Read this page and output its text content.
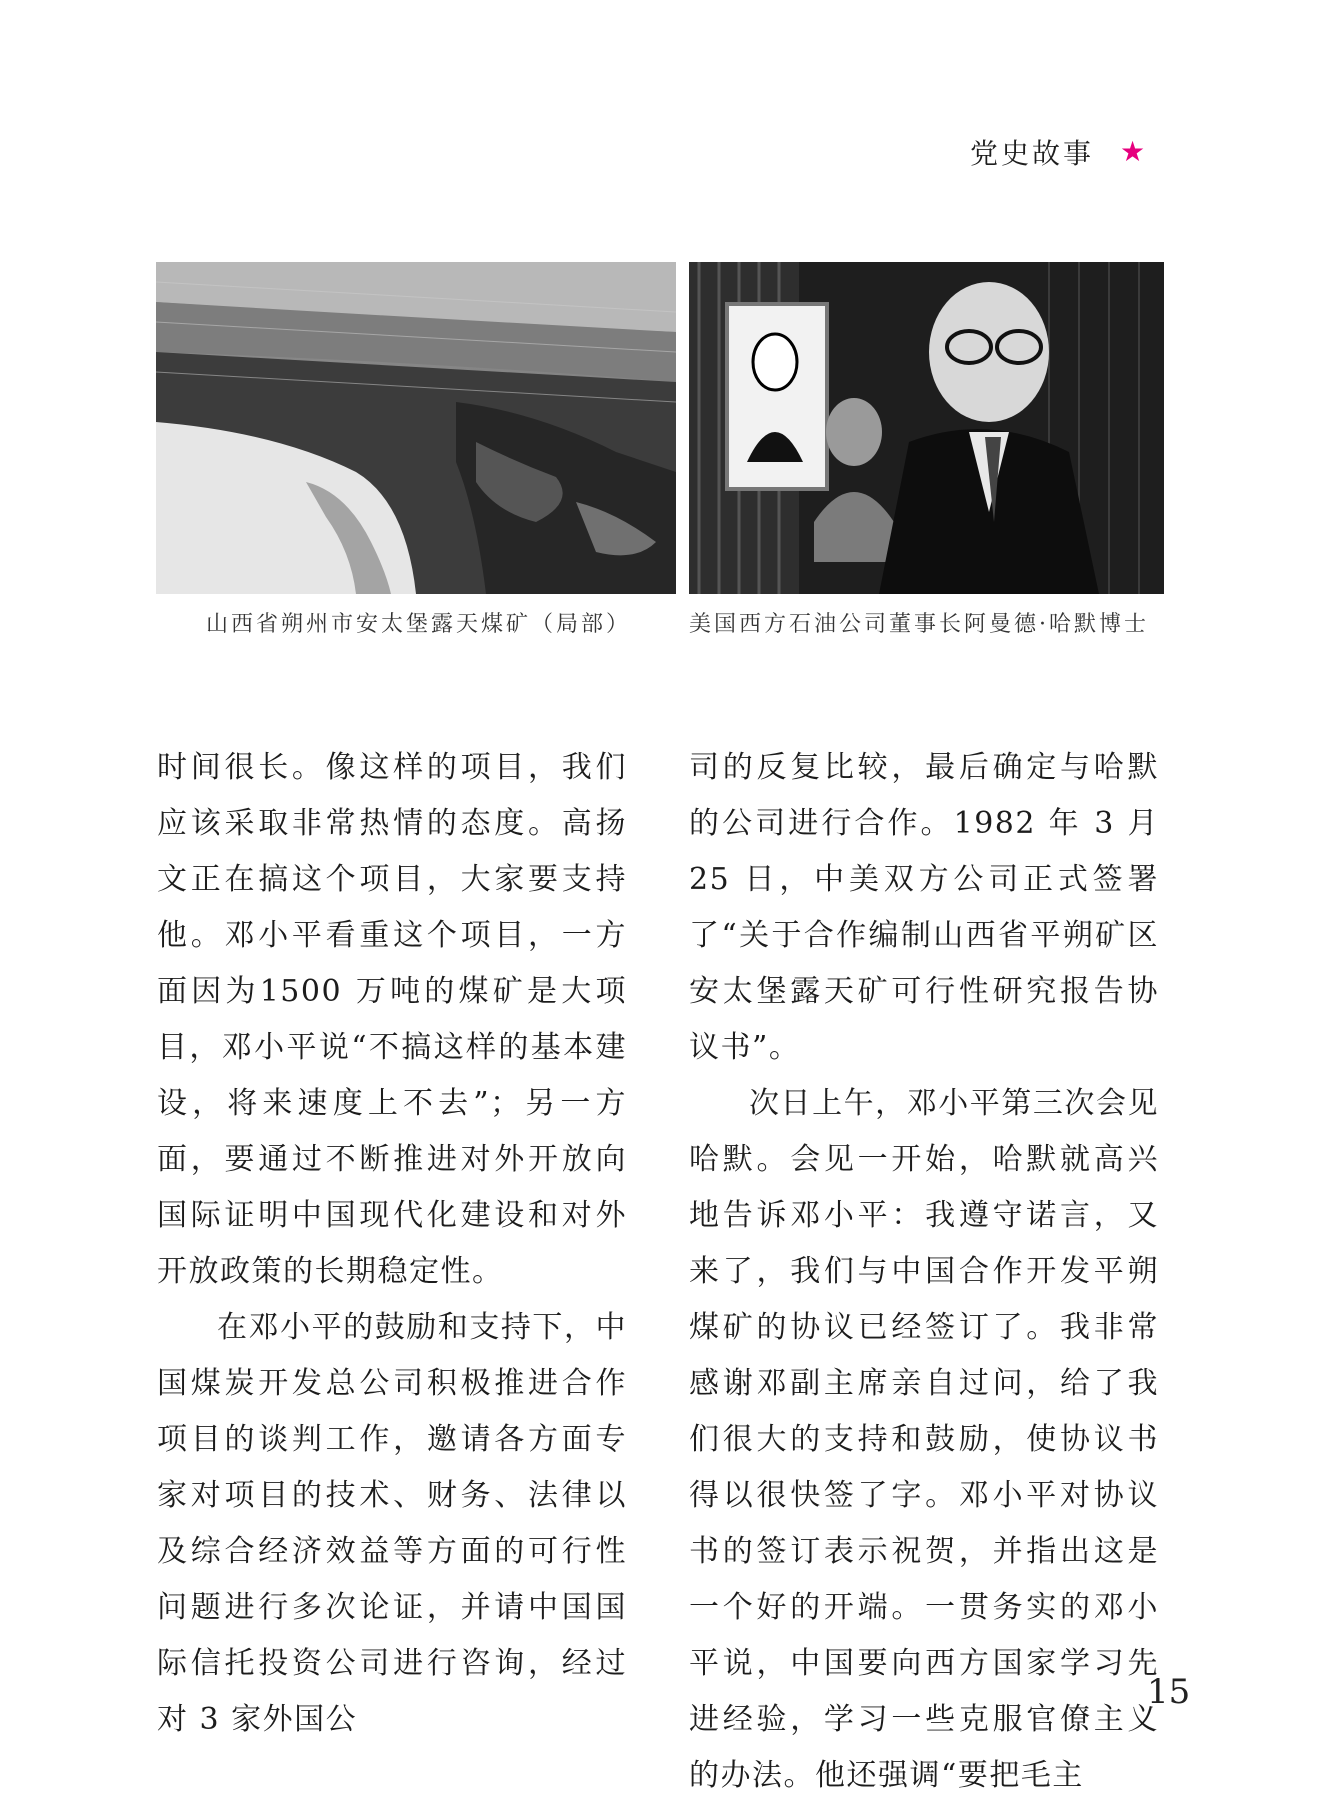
党史故事 ★
山西省朔州市安太堡露天煤矿（局部）	美国西方石油公司董事长阿曼德·哈默博士

时间很长。像这样的项目，我们应该采取非常热情的态度。高扬文正在搞这个项目，大家要支持他。邓小平看重这个项目，一方面因为1500 万吨的煤矿是大项目，邓小平说“不搞这样的基本建设，将来速度上不去”；另一方面，要通过不断推进对外开放向国际证明中国现代化建设和对外开放政策的长期稳定性。

在邓小平的鼓励和支持下，中国煤炭开发总公司积极推进合作项目的谈判工作，邀请各方面专家对项目的技术、财务、法律以及综合经济效益等方面的可行性问题进行多次论证，并请中国国际信托投资公司进行咨询，经过对 3 家外国公

司的反复比较，最后确定与哈默的公司进行合作。1982 年 3 月 25 日，中美双方公司正式签署了“关于合作编制山西省平朔矿区安太堡露天矿可行性研究报告协议书”。

次日上午，邓小平第三次会见哈默。会见一开始，哈默就高兴地告诉邓小平：我遵守诺言，又来了，我们与中国合作开发平朔煤矿的协议已经签订了。我非常感谢邓副主席亲自过问，给了我们很大的支持和鼓励，使协议书得以很快签了字。邓小平对协议书的签订表示祝贺，并指出这是一个好的开端。一贯务实的邓小平说，中国要向西方国家学习先进经验，学习一些克服官僚主义的办法。他还强调“要把毛主

15
